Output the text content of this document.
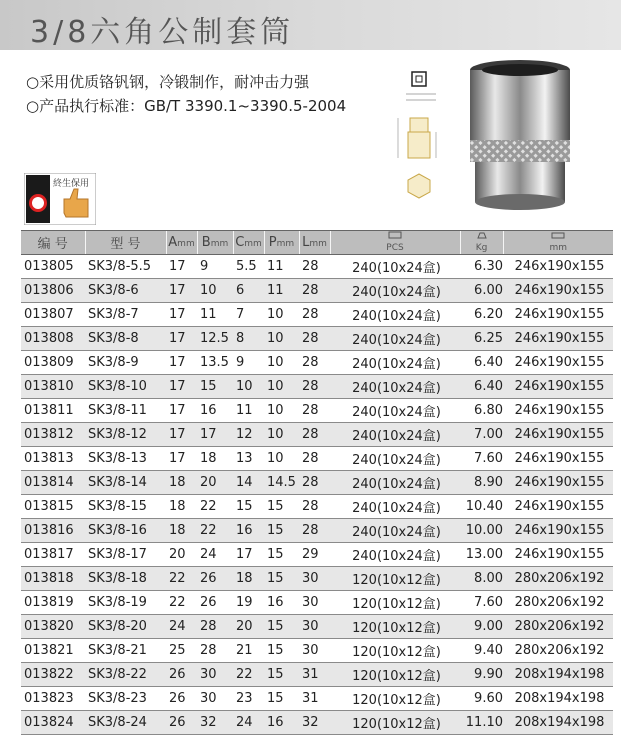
3/8六角公制套筒
○采用优质铬钒钢，冷锻制作，耐冲击力强
○产品执行标准：GB/T 3390.1~3390.5-2004
終生保用
编 号	型 号	Amm	Bmm	Cmm	Pmm	Lmm	PCS	Kg	mm
013805	SK3/8-5.5	17	9	5.5	11	28	240(10x24盒)	6.30	246x190x155
013806	SK3/8-6	17	10	6	11	28	240(10x24盒)	6.00	246x190x155
013807	SK3/8-7	17	11	7	10	28	240(10x24盒)	6.20	246x190x155
013808	SK3/8-8	17	12.5	8	10	28	240(10x24盒)	6.25	246x190x155
013809	SK3/8-9	17	13.5	9	10	28	240(10x24盒)	6.40	246x190x155
013810	SK3/8-10	17	15	10	10	28	240(10x24盒)	6.40	246x190x155
013811	SK3/8-11	17	16	11	10	28	240(10x24盒)	6.80	246x190x155
013812	SK3/8-12	17	17	12	10	28	240(10x24盒)	7.00	246x190x155
013813	SK3/8-13	17	18	13	10	28	240(10x24盒)	7.60	246x190x155
013814	SK3/8-14	18	20	14	14.5	28	240(10x24盒)	8.90	246x190x155
013815	SK3/8-15	18	22	15	15	28	240(10x24盒)	10.40	246x190x155
013816	SK3/8-16	18	22	16	15	28	240(10x24盒)	10.00	246x190x155
013817	SK3/8-17	20	24	17	15	29	240(10x24盒)	13.00	246x190x155
013818	SK3/8-18	22	26	18	15	30	120(10x12盒)	8.00	280x206x192
013819	SK3/8-19	22	26	19	16	30	120(10x12盒)	7.60	280x206x192
013820	SK3/8-20	24	28	20	15	30	120(10x12盒)	9.00	280x206x192
013821	SK3/8-21	25	28	21	15	30	120(10x12盒)	9.40	280x206x192
013822	SK3/8-22	26	30	22	15	31	120(10x12盒)	9.90	208x194x198
013823	SK3/8-23	26	30	23	15	31	120(10x12盒)	9.60	208x194x198
013824	SK3/8-24	26	32	24	16	32	120(10x12盒)	11.10	208x194x198
